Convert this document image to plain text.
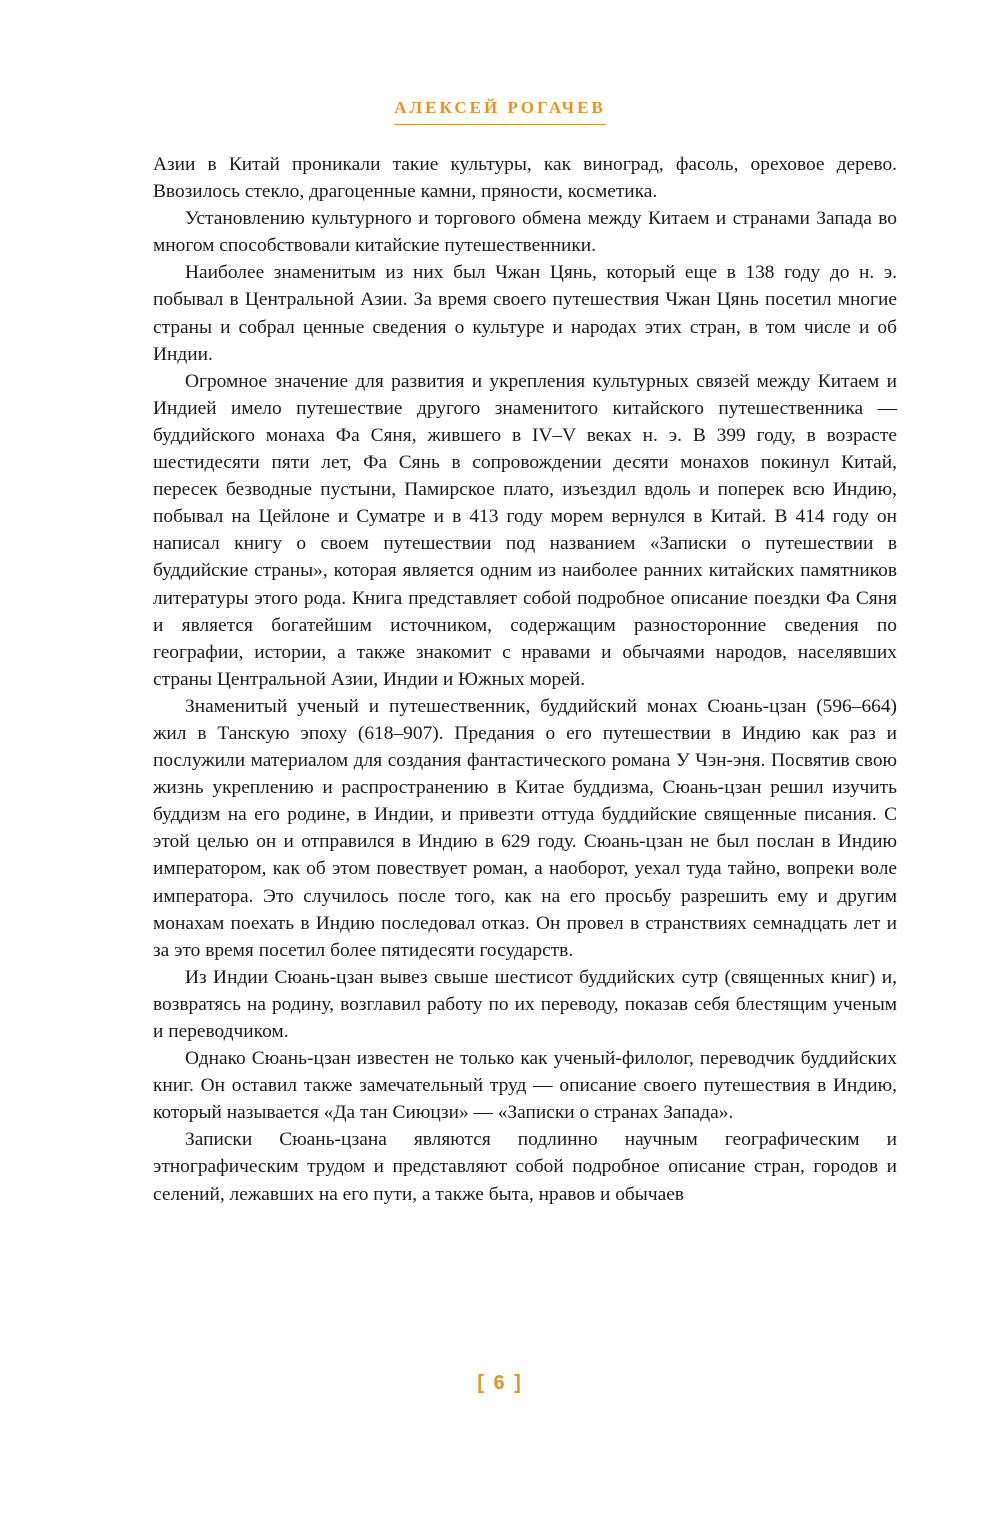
АЛЕКСЕЙ РОГАЧЕВ

Азии в Китай проникали такие культуры, как виноград, фасоль, ореховое дерево. Ввозилось стекло, драгоценные камни, пряности, косметика.

Установлению культурного и торгового обмена между Китаем и странами Запада во многом способствовали китайские путешественники.

Наиболее знаменитым из них был Чжан Цянь, который еще в 138 году до н. э. побывал в Центральной Азии. За время своего путешествия Чжан Цянь посетил многие страны и собрал ценные сведения о культуре и народах этих стран, в том числе и об Индии.

Огромное значение для развития и укрепления культурных связей между Китаем и Индией имело путешествие другого знаменитого китайского путешественника — буддийского монаха Фа Сяня, жившего в IV–V веках н. э. В 399 году, в возрасте шестидесяти пяти лет, Фа Сянь в сопровождении десяти монахов покинул Китай, пересек безводные пустыни, Памирское плато, изъездил вдоль и поперек всю Индию, побывал на Цейлоне и Суматре и в 413 году морем вернулся в Китай. В 414 году он написал книгу о своем путешествии под названием «Записки о путешествии в буддийские страны», которая является одним из наиболее ранних китайских памятников литературы этого рода. Книга представляет собой подробное описание поездки Фа Сяня и является богатейшим источником, содержащим разносторонние сведения по географии, истории, а также знакомит с нравами и обычаями народов, населявших страны Центральной Азии, Индии и Южных морей.

Знаменитый ученый и путешественник, буддийский монах Сюань-цзан (596–664) жил в Танскую эпоху (618–907). Предания о его путешествии в Индию как раз и послужили материалом для создания фантастического романа У Чэн-эня. Посвятив свою жизнь укреплению и распространению в Китае буддизма, Сюань-цзан решил изучить буддизм на его родине, в Индии, и привезти оттуда буддийские священные писания. С этой целью он и отправился в Индию в 629 году. Сюань-цзан не был послан в Индию императором, как об этом повествует роман, а наоборот, уехал туда тайно, вопреки воле императора. Это случилось после того, как на его просьбу разрешить ему и другим монахам поехать в Индию последовал отказ. Он провел в странствиях семнадцать лет и за это время посетил более пятидесяти государств.

Из Индии Сюань-цзан вывез свыше шестисот буддийских сутр (священных книг) и, возвратясь на родину, возглавил работу по их переводу, показав себя блестящим ученым и переводчиком.

Однако Сюань-цзан известен не только как ученый-филолог, переводчик буддийских книг. Он оставил также замечательный труд — описание своего путешествия в Индию, который называется «Да тан Сиюцзи» — «Записки о странах Запада».

Записки Сюань-цзана являются подлинно научным географическим и этнографическим трудом и представляют собой подробное описание стран, городов и селений, лежавших на его пути, а также быта, нравов и обычаев

[ 6 ]
